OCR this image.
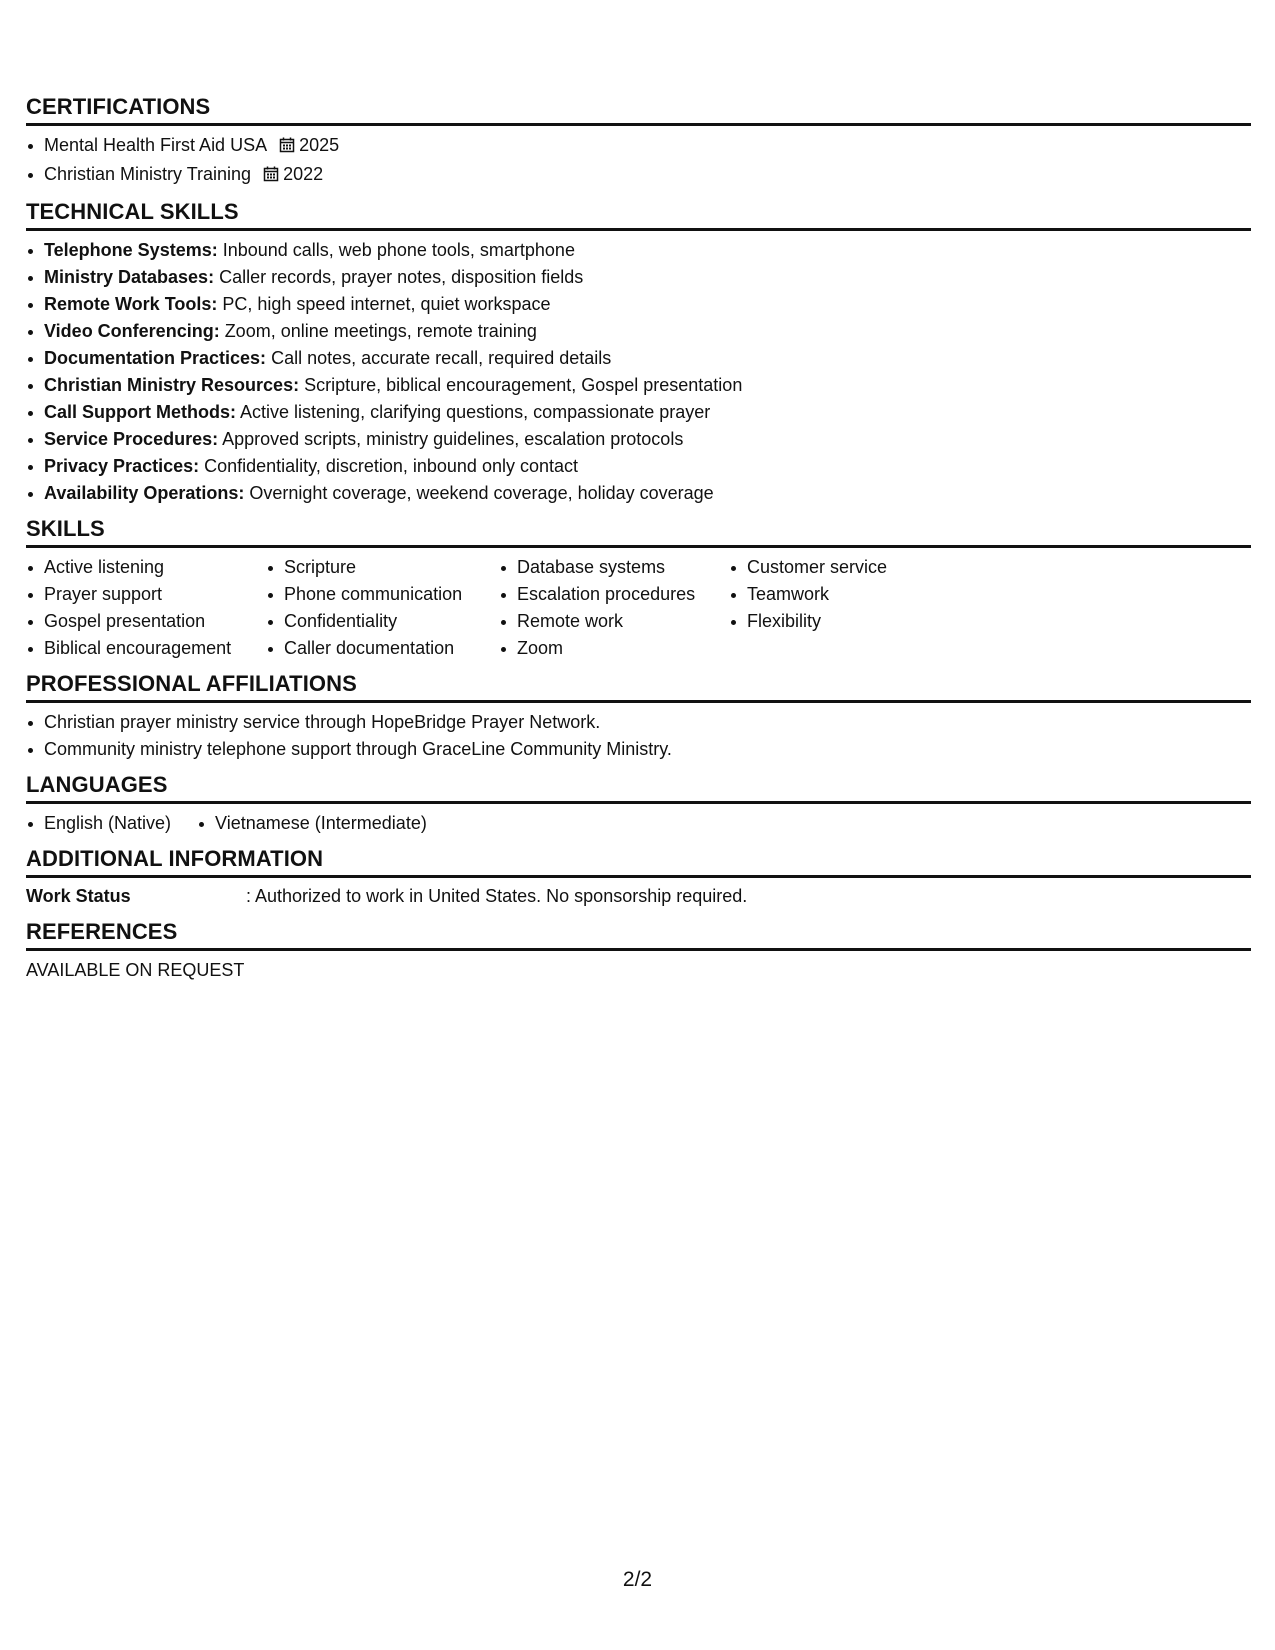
CERTIFICATIONS
Mental Health First Aid USA 2025
Christian Ministry Training 2022
TECHNICAL SKILLS
Telephone Systems: Inbound calls, web phone tools, smartphone
Ministry Databases: Caller records, prayer notes, disposition fields
Remote Work Tools: PC, high speed internet, quiet workspace
Video Conferencing: Zoom, online meetings, remote training
Documentation Practices: Call notes, accurate recall, required details
Christian Ministry Resources: Scripture, biblical encouragement, Gospel presentation
Call Support Methods: Active listening, clarifying questions, compassionate prayer
Service Procedures: Approved scripts, ministry guidelines, escalation protocols
Privacy Practices: Confidentiality, discretion, inbound only contact
Availability Operations: Overnight coverage, weekend coverage, holiday coverage
SKILLS
Active listening
Prayer support
Gospel presentation
Biblical encouragement
Scripture
Phone communication
Confidentiality
Caller documentation
Database systems
Escalation procedures
Remote work
Zoom
Customer service
Teamwork
Flexibility
PROFESSIONAL AFFILIATIONS
Christian prayer ministry service through HopeBridge Prayer Network.
Community ministry telephone support through GraceLine Community Ministry.
LANGUAGES
English (Native)	Vietnamese (Intermediate)
ADDITIONAL INFORMATION
Work Status	: Authorized to work in United States. No sponsorship required.
REFERENCES
AVAILABLE ON REQUEST
2/2
